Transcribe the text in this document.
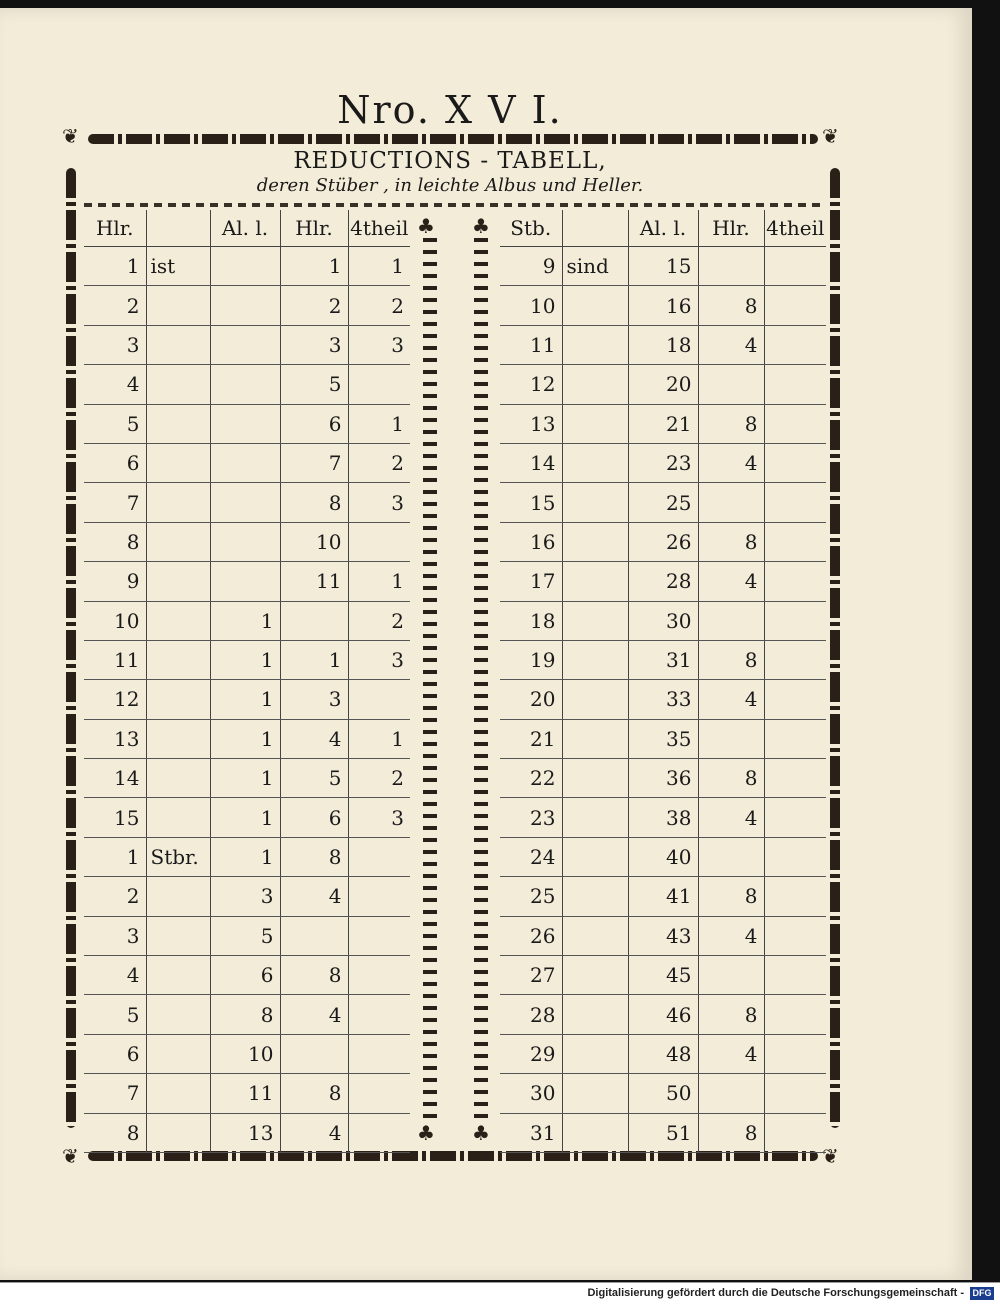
Nro. X V I.
❦	❦
❦	❦
♣ ♣
♣ ♣
REDUCTIONS - TABELL,
deren Stüber , in leichte Albus und Heller.
Hlr.		Al. l.	Hlr.	4theil
1	ist		1	1
2			2	2
3			3	3
4			5	
5			6	1
6			7	2
7			8	3
8			10	
9			11	1
10		1		2
11		1	1	3
12		1	3	
13		1	4	1
14		1	5	2
15		1	6	3
1	Stbr.	1	8	
2		3	4	
3		5		
4		6	8	
5		8	4	
6		10		
7		11	8	
8		13	4	
Stb.		Al. l.	Hlr.	4theil
9	sind	15		
10		16	8	
11		18	4	
12		20		
13		21	8	
14		23	4	
15		25		
16		26	8	
17		28	4	
18		30		
19		31	8	
20		33	4	
21		35		
22		36	8	
23		38	4	
24		40		
25		41	8	
26		43	4	
27		45		
28		46	8	
29		48	4	
30		50		
31		51	8	
Digitalisierung gefördert durch die Deutsche Forschungsgemeinschaft - DFG
